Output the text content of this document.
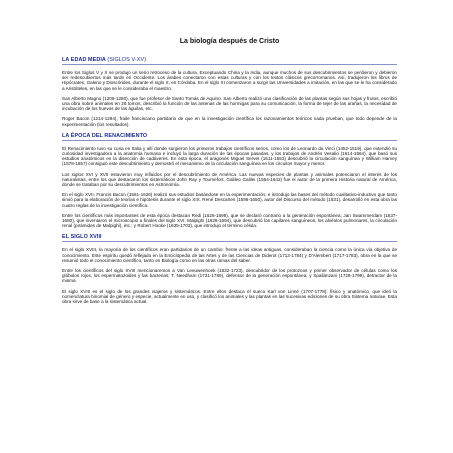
La biología después de Cristo
LA EDAD MEDIA (SIGLOS V-XV)

Entre los Siglos V y X se produjo un serio retroceso de la cultura. Exceptuando China y la India, aunque muchos de sus descubrimientos se perdieron y debieron ser redescubiertos más tarde en Occidente. Los árabes conectaron con estas culturas y con los textos clásicos grecorromanos. Así, tradujeron los libros de Hipócrates, Galeno y Dioscórides, durante el siglo X, en Córdoba. En el siglo XI comenzaron a surgir las Universidades a imitación, en las que se le ha considerado a Aristóteles, en las que se le consideraba el maestro.

San Alberto Magno (1206-1280), que fue profesor de Santo Tomás de Aquino. San Alberto realizó una clasificación de las plantas según sus hojas y frutos, escribió una obra sobre animales en 26 tomos, describió la función de las antenas de las hormigas para su comunicación, la forma de tejer de las arañas, la necesidad de incubación de los huevos de las águilas, etc.

Roger Bacon (1214-1294), fraile franciscano partidario de que en la investigación científica los razonamientos teóricos nada prueban, que todo depende de la experimentación (los resultados).

LA ÉPOCA DEL RENACIMIENTO

El Renacimiento tuvo su cuna en Italia y allí donde surgieron los primeros trabajos científicos serios, como los de Leonardo da Vinci (1452-1519), que extendió su curiosidad investigadora a la anatomía humana e incluyó la larga duración de las épocas pasadas, y los trabajos de Andrés Vesalio (1514-1564), que basó sus estudios anatómicos en la disección de cadáveres. En esta época, el aragonés Miguel Servet (1511-1553) descubrió la circulación sanguínea y William Harvey (1578-1657) consiguió este descubrimiento y demostró el mecanismo de la circulación sanguínea en los circuitos mayor y menor.

Los siglos XVI y XVII estuvieron muy influidos por el descubrimiento de América. Las nuevas especies de plantas y animales potenciaron el interés de los naturalistas, entre los que destacaron los sistemáticos John Ray y Tournefort, Galileo Galilei (1564-1642) fue el autor de la primera Historia natural de América, donde se trataban por su descubrimientos en Astronomía.

En el siglo XVII, Francis Bacon (1561-1626) realizó sus estudios basándose en la experimentación, e introdujo las bases del método cualitativo-inductivo que tanto sirvió para la elaboración de teorías e hipótesis durante el siglo XIX. René Descartes (1596-1650), autor del Discurso del método (1631), desarrolló en esta obra las cuatro reglas de la investigación científica.

Entre los científicos más importantes de esta época destacan Redi (1626-1698), que se declaró contrario a la generación espontánea; Jan Swammerdam (1637-1680), que inventaron el microscopio a finales del siglo XVI; Malpighi (1628-1694), que descubrió los capilares sanguíneos, los alvéolos pulmonares, la circulación renal (pirámides de Malpighi), etc.; y Robert Hooke (1635-1703), que introdujo el término célula.

EL SIGLO XVIII

En el siglo XVIII, la mayoría de los científicos eran partidarios de un cambio: frente a las ideas antiguas, consideraban la ciencia como la única vía objetiva de conocimiento. Este espíritu quedó reflejado en la Enciclopedia de las Artes y de las Ciencias de Diderot (1713-1784) y D'Alembert (1717-1783), obra en la que se resumió todo el conocimiento científico, tanto en Biología como en las otras ramas del saber.

Entre los científicos del siglo XVIII mencionaremos a Van Leeuwenhoek (1632-1723), descubridor de los protozoos y primer observador de células como los glóbulos rojos, los espermatozoides y las bacterias; T. Needham (1731-1789), defensor de la generación espontánea, y Spallanzani (1729-1799), detractor de la misma.

El siglo XVIII es el siglo de los grandes viajeros y sistemáticos. Entre ellos destaca el sueco Karl von Linné (1707-1778), físico y anatómico, que ideó la nomenclatura binomial de género y especie, actualmente en uso, y clasificó los animales y las plantas en las sucesivas ediciones de su obra Sistema naturae. Esta obra sirve de base a la sistemática actual.
